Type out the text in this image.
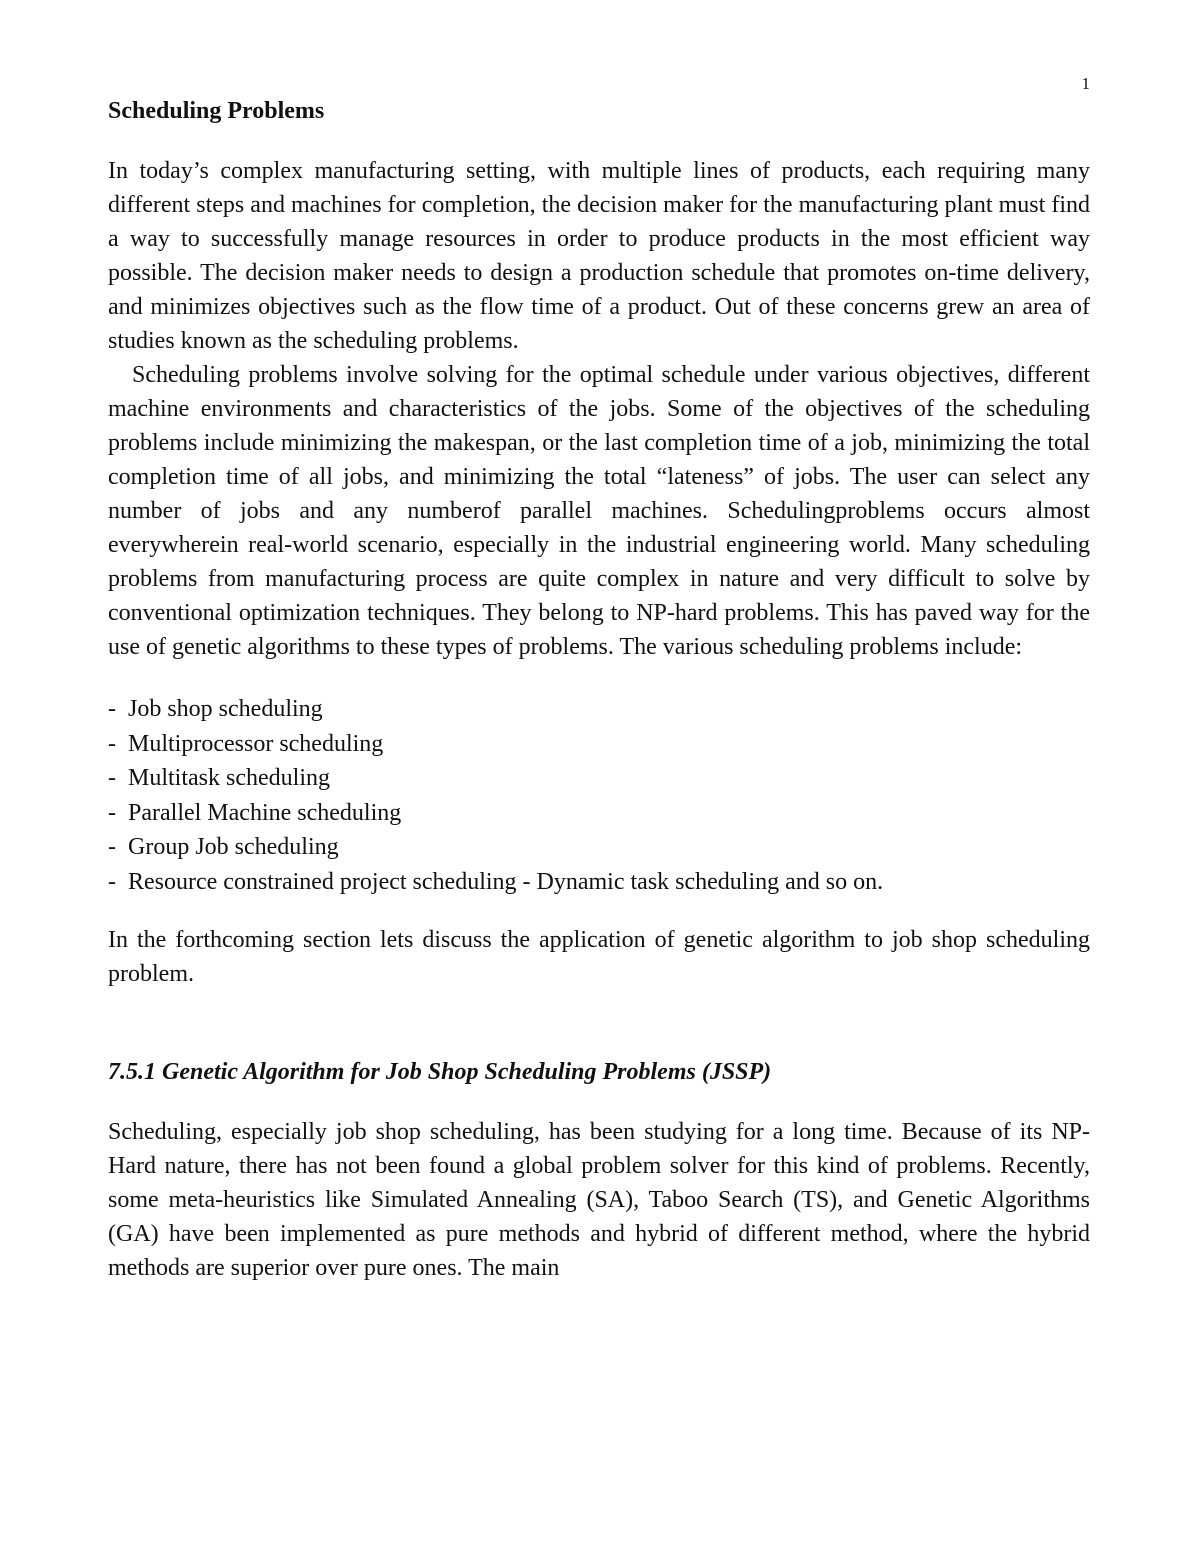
1
Scheduling Problems

In today’s complex manufacturing setting, with multiple lines of products, each requiring many different steps and machines for completion, the decision maker for the manufacturing plant must find a way to successfully manage resources in order to produce products in the most efficient way possible. The decision maker needs to design a production schedule that promotes on-time delivery, and minimizes objectives such as the flow time of a product. Out of these concerns grew an area of studies known as the scheduling problems.

Scheduling problems involve solving for the optimal schedule under various objectives, different machine environments and characteristics of the jobs. Some of the objectives of the scheduling problems include minimizing the makespan, or the last completion time of a job, minimizing the total completion time of all jobs, and minimizing the total “lateness” of jobs. The user can select any number of jobs and any numberof parallel machines. Schedulingproblems occurs almost everywherein real-world scenario, especially in the industrial engineering world. Many scheduling problems from manufacturing process are quite complex in nature and very difficult to solve by conventional optimization techniques. They belong to NP-hard problems. This has paved way for the use of genetic algorithms to these types of problems. The various scheduling problems include:

- Job shop scheduling
- Multiprocessor scheduling
- Multitask scheduling
- Parallel Machine scheduling
- Group Job scheduling
- Resource constrained project scheduling - Dynamic task scheduling and so on.

In the forthcoming section lets discuss the application of genetic algorithm to job shop scheduling problem.

7.5.1 Genetic Algorithm for Job Shop Scheduling Problems (JSSP)

Scheduling, especially job shop scheduling, has been studying for a long time. Because of its NP-Hard nature, there has not been found a global problem solver for this kind of problems. Recently, some meta-heuristics like Simulated Annealing (SA), Taboo Search (TS), and Genetic Algorithms (GA) have been implemented as pure methods and hybrid of different method, where the hybrid methods are superior over pure ones. The main
